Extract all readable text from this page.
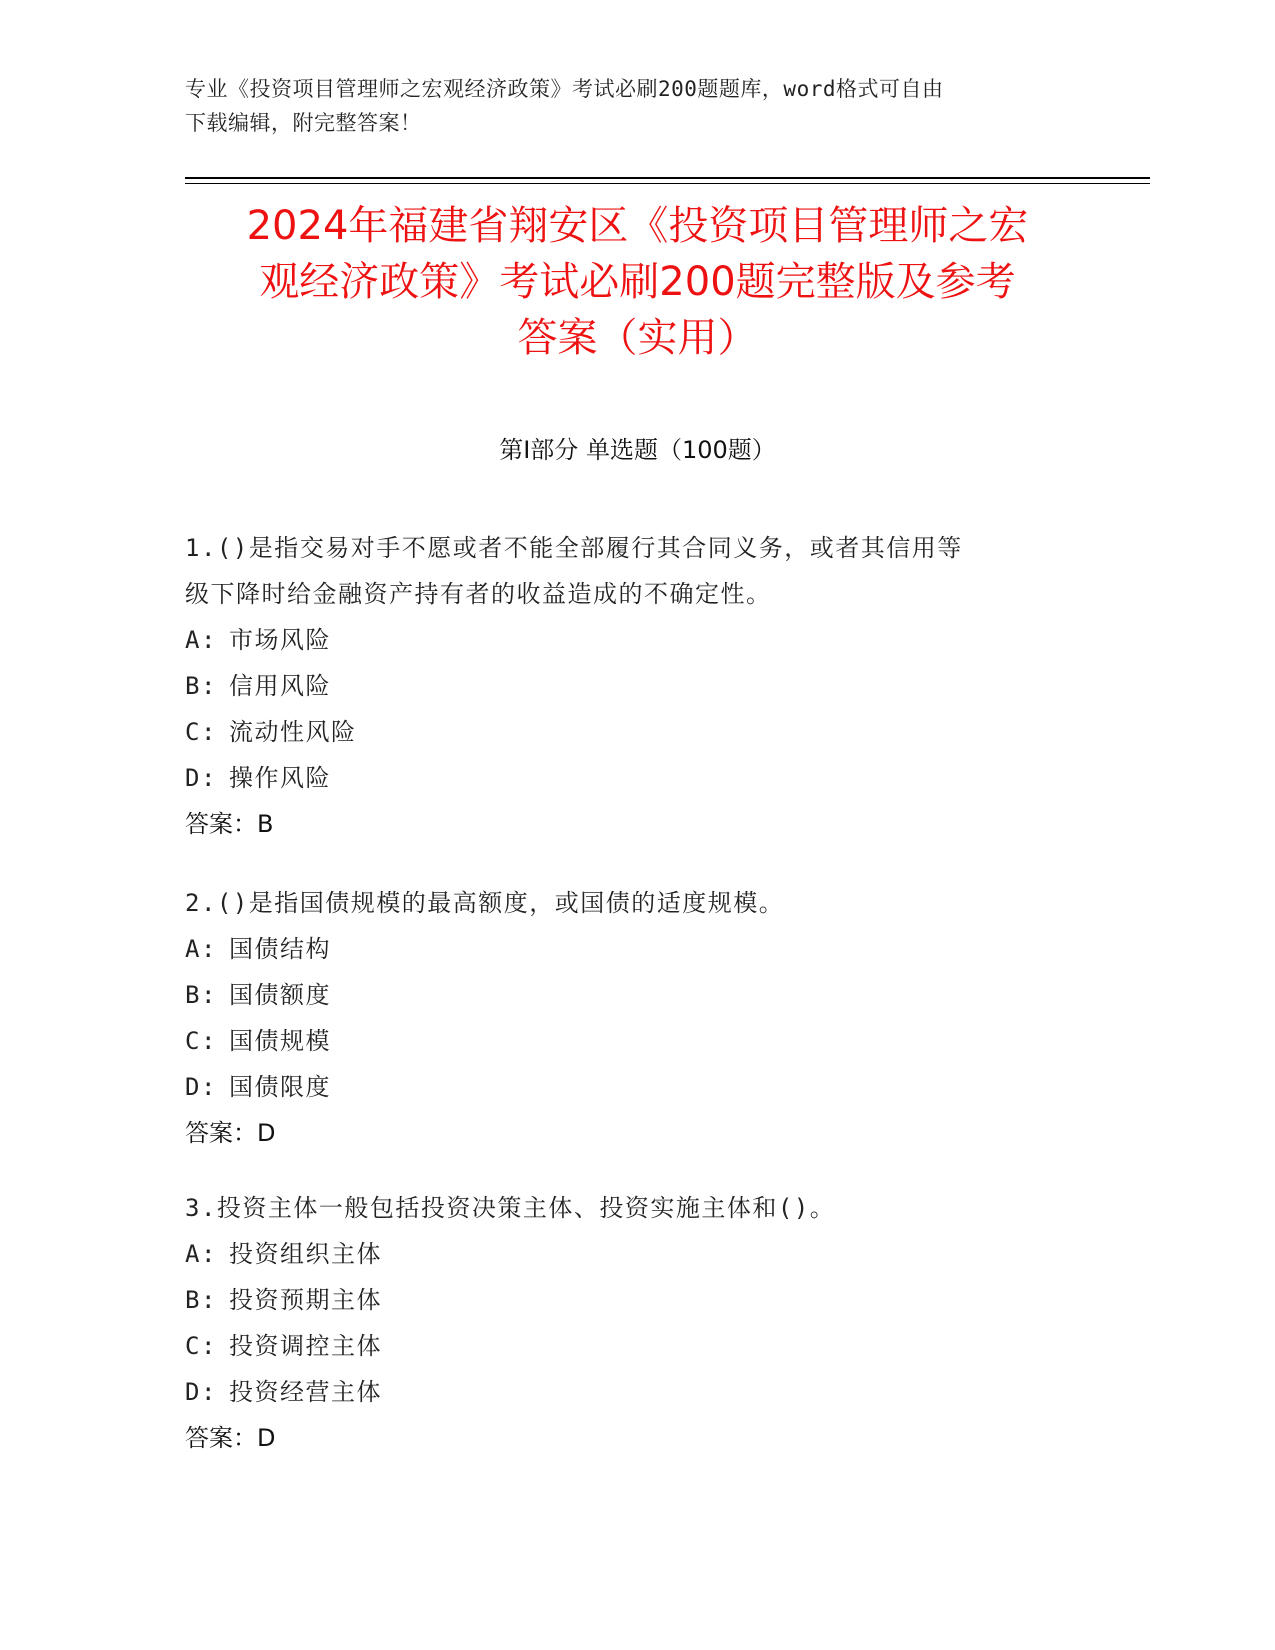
专业《投资项目管理师之宏观经济政策》考试必刷200题题库，word格式可自由
下载编辑，附完整答案！
2024年福建省翔安区《投资项目管理师之宏
观经济政策》考试必刷200题完整版及参考
答案（实用）
第Ⅰ部分 单选题（100题）
1.()是指交易对手不愿或者不能全部履行其合同义务，或者其信用等
级下降时给金融资产持有者的收益造成的不确定性。
A: 市场风险
B: 信用风险
C: 流动性风险
D: 操作风险
答案：B
2.()是指国债规模的最高额度，或国债的适度规模。
A: 国债结构
B: 国债额度
C: 国债规模
D: 国债限度
答案：D
3.投资主体一般包括投资决策主体、投资实施主体和()。
A: 投资组织主体
B: 投资预期主体
C: 投资调控主体
D: 投资经营主体
答案：D
